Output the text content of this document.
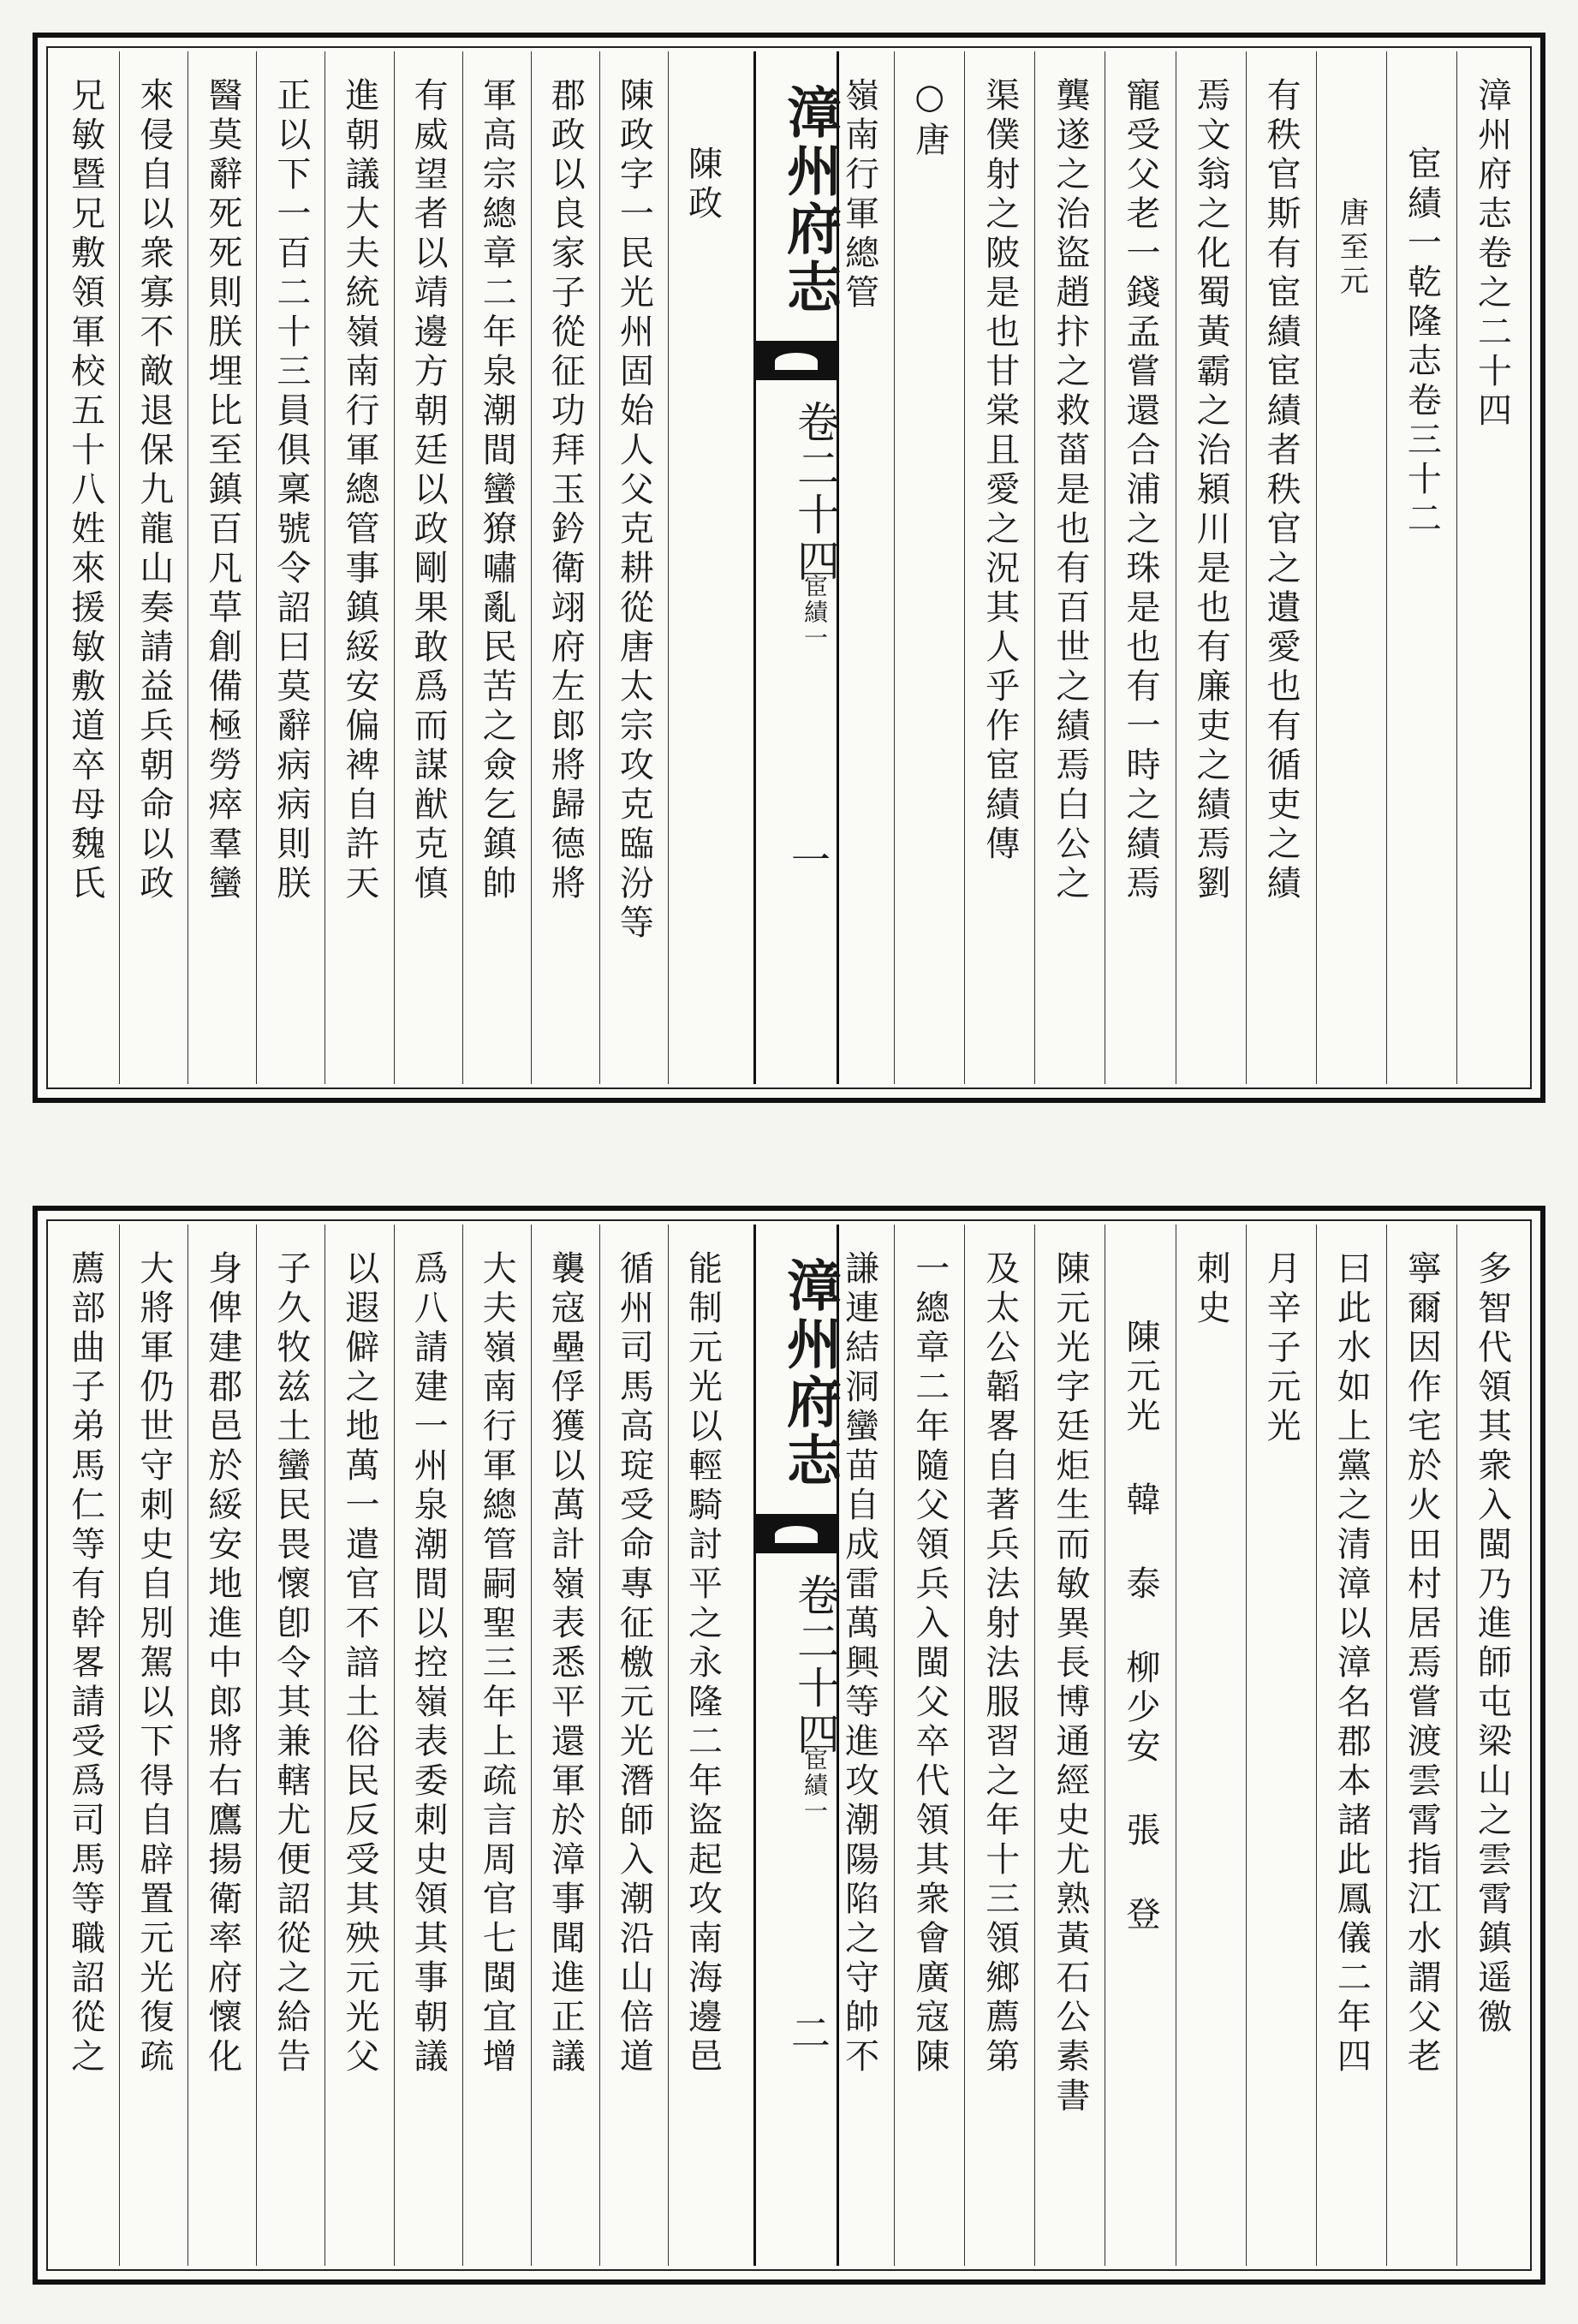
漳州府志卷之二十四
宦績一乾隆志卷三十二
唐至元
有秩官斯有宦績宦績者秩官之遺愛也有循吏之績
焉文翁之化蜀黃霸之治潁川是也有廉吏之績焉劉
寵受父老一錢孟嘗還合浦之珠是也有一時之績焉
龔遂之治盜趙抃之救菑是也有百世之績焉白公之
渠僕射之陂是也甘棠且愛之況其人乎作宦績傳
○唐
嶺南行軍總管
漳州府志
卷二十四
宦績一
一
陳政
陳政字一民光州固始人父克耕從唐太宗攻克臨汾等
郡政以良家子從征功拜玉鈐衛翊府左郎將歸德將
軍高宗總章二年泉潮間蠻獠嘯亂民苦之僉乞鎮帥
有威望者以靖邊方朝廷以政剛果敢爲而謀猷克慎
進朝議大夫統嶺南行軍總管事鎮綏安偏裨自許天
正以下一百二十三員俱稟號令詔曰莫辭病病則朕
醫莫辭死死則朕埋比至鎮百凡草創備極勞瘁羣蠻
來侵自以衆寡不敵退保九龍山奏請益兵朝命以政
兄敏暨兄敷領軍校五十八姓來援敏敷道卒母魏氏
多智代領其衆入閩乃進師屯梁山之雲霄鎮遥徼
寧爾因作宅於火田村居焉嘗渡雲霄指江水謂父老
曰此水如上黨之清漳以漳名郡本諸此鳳儀二年四
月辛子元光
刺史
陳元光 韓 泰 柳少安 張 登
陳元光字廷炬生而敏異長博通經史尤熟黃石公素書
及太公韜畧自著兵法射法服習之年十三領鄉薦第
一總章二年隨父領兵入閩父卒代領其衆會廣寇陳
謙連結洞蠻苗自成雷萬興等進攻潮陽陷之守帥不
漳州府志
卷二十四
宦績一
二
能制元光以輕騎討平之永隆二年盜起攻南海邊邑
循州司馬高琔受命專征檄元光潛師入潮沿山倍道
襲寇壘俘獲以萬計嶺表悉平還軍於漳事聞進正議
大夫嶺南行軍總管嗣聖三年上疏言周官七閩宜增
爲八請建一州泉潮間以控嶺表委刺史領其事朝議
以遐僻之地萬一遣官不諳土俗民反受其殃元光父
子久牧兹土蠻民畏懷卽令其兼轄尤便詔從之給告
身俾建郡邑於綏安地進中郎將右鷹揚衛率府懷化
大將軍仍世守刺史自別駕以下得自辟置元光復疏
薦部曲子弟馬仁等有幹畧請受爲司馬等職詔從之
